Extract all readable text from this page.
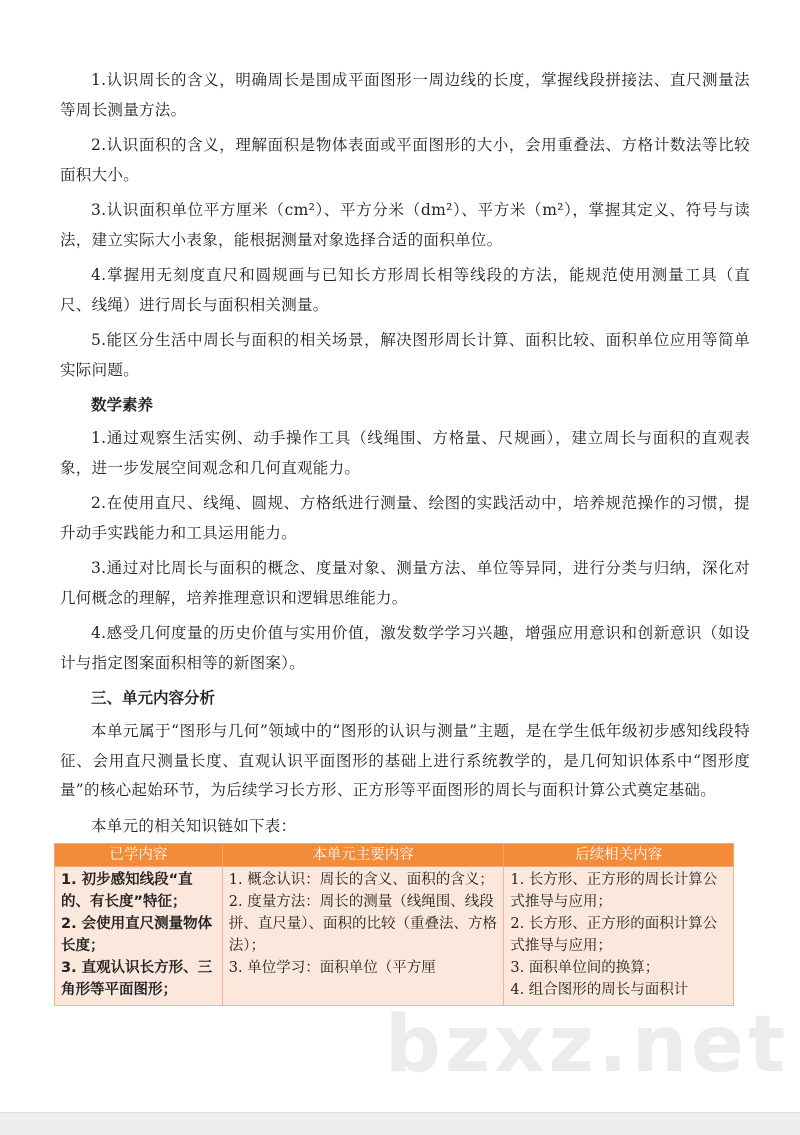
1.认识周长的含义，明确周长是围成平面图形一周边线的长度，掌握线段拼接法、直尺测量法等周长测量方法。

2.认识面积的含义，理解面积是物体表面或平面图形的大小，会用重叠法、方格计数法等比较面积大小。

3.认识面积单位平方厘米（cm²）、平方分米（dm²）、平方米（m²），掌握其定义、符号与读法，建立实际大小表象，能根据测量对象选择合适的面积单位。

4.掌握用无刻度直尺和圆规画与已知长方形周长相等线段的方法，能规范使用测量工具（直尺、线绳）进行周长与面积相关测量。

5.能区分生活中周长与面积的相关场景，解决图形周长计算、面积比较、面积单位应用等简单实际问题。

数学素养

1.通过观察生活实例、动手操作工具（线绳围、方格量、尺规画），建立周长与面积的直观表象，进一步发展空间观念和几何直观能力。

2.在使用直尺、线绳、圆规、方格纸进行测量、绘图的实践活动中，培养规范操作的习惯，提升动手实践能力和工具运用能力。

3.通过对比周长与面积的概念、度量对象、测量方法、单位等异同，进行分类与归纳，深化对几何概念的理解，培养推理意识和逻辑思维能力。

4.感受几何度量的历史价值与实用价值，激发数学学习兴趣，增强应用意识和创新意识（如设计与指定图案面积相等的新图案）。

三、单元内容分析

本单元属于“图形与几何”领域中的“图形的认识与测量”主题，是在学生低年级初步感知线段特征、会用直尺测量长度、直观认识平面图形的基础上进行系统教学的，是几何知识体系中“图形度量”的核心起始环节，为后续学习长方形、正方形等平面图形的周长与面积计算公式奠定基础。

本单元的相关知识链如下表：

已学内容	本单元主要内容	后续相关内容

1. 初步感知线段“直的、有长度”特征；
2. 会使用直尺测量物体长度；
3. 直观认识长方形、三角形等平面图形；	1. 概念认识：周长的含义、面积的含义；
2. 度量方法：周长的测量（线绳围、线段拼、直尺量）、面积的比较（重叠法、方格法）；
3. 单位学习：面积单位（平方厘	1. 长方形、正方形的周长计算公式推导与应用；
2. 长方形、正方形的面积计算公式推导与应用；
3. 面积单位间的换算；
4. 组合图形的周长与面积计
bzxz.net
